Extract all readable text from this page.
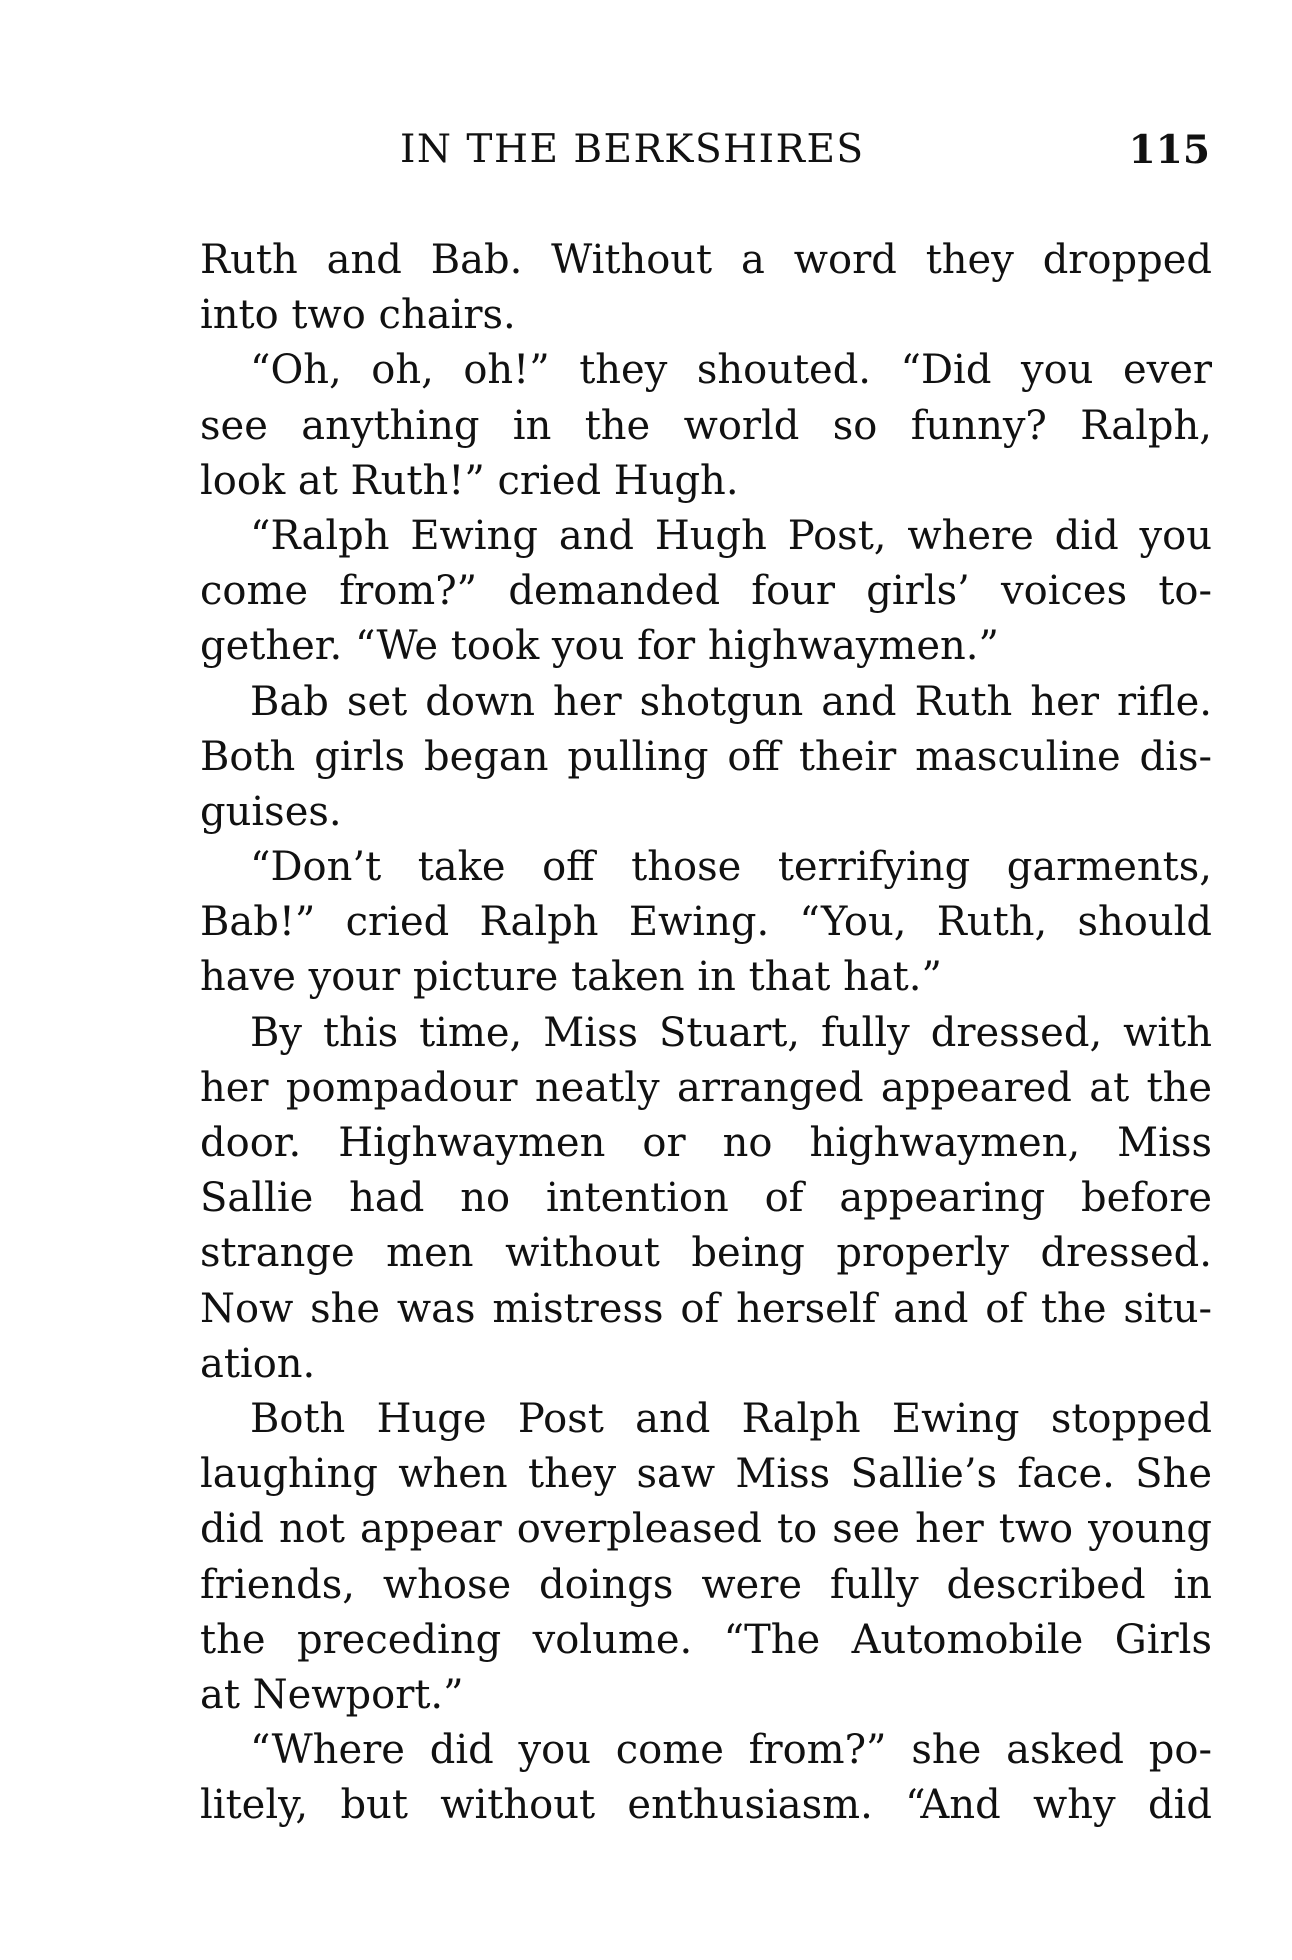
IN THE BERKSHIRES	115
Ruth and Bab. Without a word they dropped
into two chairs.
“Oh, oh, oh!” they shouted. “Did you ever
see anything in the world so funny? Ralph,
look at Ruth!” cried Hugh.
“Ralph Ewing and Hugh Post, where did you
come from?” demanded four girls’ voices to-
gether. “We took you for highwaymen.”
Bab set down her shotgun and Ruth her rifle.
Both girls began pulling off their masculine dis-
guises.
“Don’t take off those terrifying garments,
Bab!” cried Ralph Ewing. “You, Ruth, should
have your picture taken in that hat.”
By this time, Miss Stuart, fully dressed, with
her pompadour neatly arranged appeared at the
door. Highwaymen or no highwaymen, Miss
Sallie had no intention of appearing before
strange men without being properly dressed.
Now she was mistress of herself and of the situ-
ation.
Both Huge Post and Ralph Ewing stopped
laughing when they saw Miss Sallie’s face. She
did not appear overpleased to see her two young
friends, whose doings were fully described in
the preceding volume. “The Automobile Girls
at Newport.”
“Where did you come from?” she asked po-
litely, but without enthusiasm. “And why did
